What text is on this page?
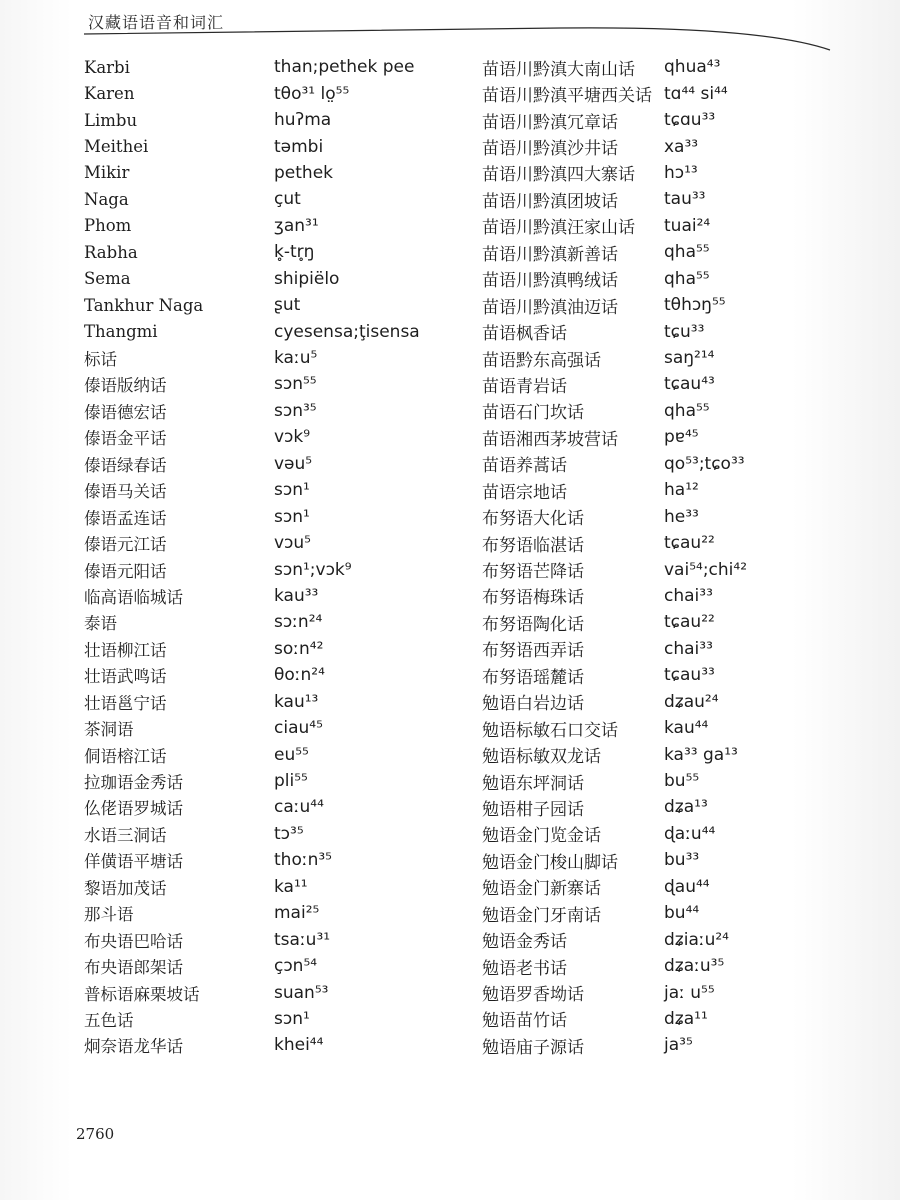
汉藏语语音和词汇
Karbi
Karen
Limbu
Meithei
Mikir
Naga
Phom
Rabha
Sema
Tankhur Naga
Thangmi
标话
傣语版纳话
傣语德宏话
傣语金平话
傣语绿春话
傣语马关话
傣语孟连话
傣语元江话
傣语元阳话
临高语临城话
泰语
壮语柳江话
壮语武鸣话
壮语邕宁话
茶洞语
侗语榕江话
拉珈语金秀话
仫佬语罗城话
水语三洞话
佯僙语平塘话
黎语加茂话
那斗语
布央语巴哈话
布央语郎架话
普标语麻栗坡话
五色话
炯奈语龙华话
than;pethek pee
tθo³¹ lo̤⁵⁵
huʔma
təmbi
pethek
çut
ʒan³¹
k̥-tr̥ŋ
shipiëlo
ʂut
cyesensa;ţisensa
kaːu⁵
sɔn⁵⁵
sɔn³⁵
vɔk⁹
vəu⁵
sɔn¹
sɔn¹
vɔu⁵
sɔn¹;vɔk⁹
kau³³
sɔːn²⁴
soːn⁴²
θoːn²⁴
kau¹³
ciau⁴⁵
eu⁵⁵
pli⁵⁵
caːu⁴⁴
tɔ³⁵
thoːn³⁵
ka¹¹
mai²⁵
tsaːu³¹
çɔn⁵⁴
suan⁵³
sɔn¹
khei⁴⁴
苗语川黔滇大南山话
苗语川黔滇平塘西关话
苗语川黔滇冗章话
苗语川黔滇沙井话
苗语川黔滇四大寨话
苗语川黔滇团坡话
苗语川黔滇汪家山话
苗语川黔滇新善话
苗语川黔滇鸭绒话
苗语川黔滇油迈话
苗语枫香话
苗语黔东高强话
苗语青岩话
苗语石门坎话
苗语湘西茅坡营话
苗语养蒿话
苗语宗地话
布努语大化话
布努语临湛话
布努语芒降话
布努语梅珠话
布努语陶化话
布努语西弄话
布努语瑶麓话
勉语白岩边话
勉语标敏石口交话
勉语标敏双龙话
勉语东坪洞话
勉语柑子园话
勉语金门览金话
勉语金门梭山脚话
勉语金门新寨话
勉语金门牙南话
勉语金秀话
勉语老书话
勉语罗香坳话
勉语苗竹话
勉语庙子源话
qhua⁴³
tɑ⁴⁴ si⁴⁴
tɕɑu³³
xa³³
hɔ¹³
tau³³
tuai²⁴
qha⁵⁵
qha⁵⁵
tθhɔŋ⁵⁵
tɕu³³
saŋ²¹⁴
tɕau⁴³
qha⁵⁵
pɐ⁴⁵
qo⁵³;tɕo³³
ha¹²
he³³
tɕau²²
vai⁵⁴;chi⁴²
chai³³
tɕau²²
chai³³
tɕau³³
dʑau²⁴
kau⁴⁴
ka³³ ga¹³
bu⁵⁵
dʑa¹³
ɖaːu⁴⁴
bu³³
ɖau⁴⁴
bu⁴⁴
dʑiaːu²⁴
dʑaːu³⁵
jaː u⁵⁵
dʑa¹¹
ja³⁵
2760
